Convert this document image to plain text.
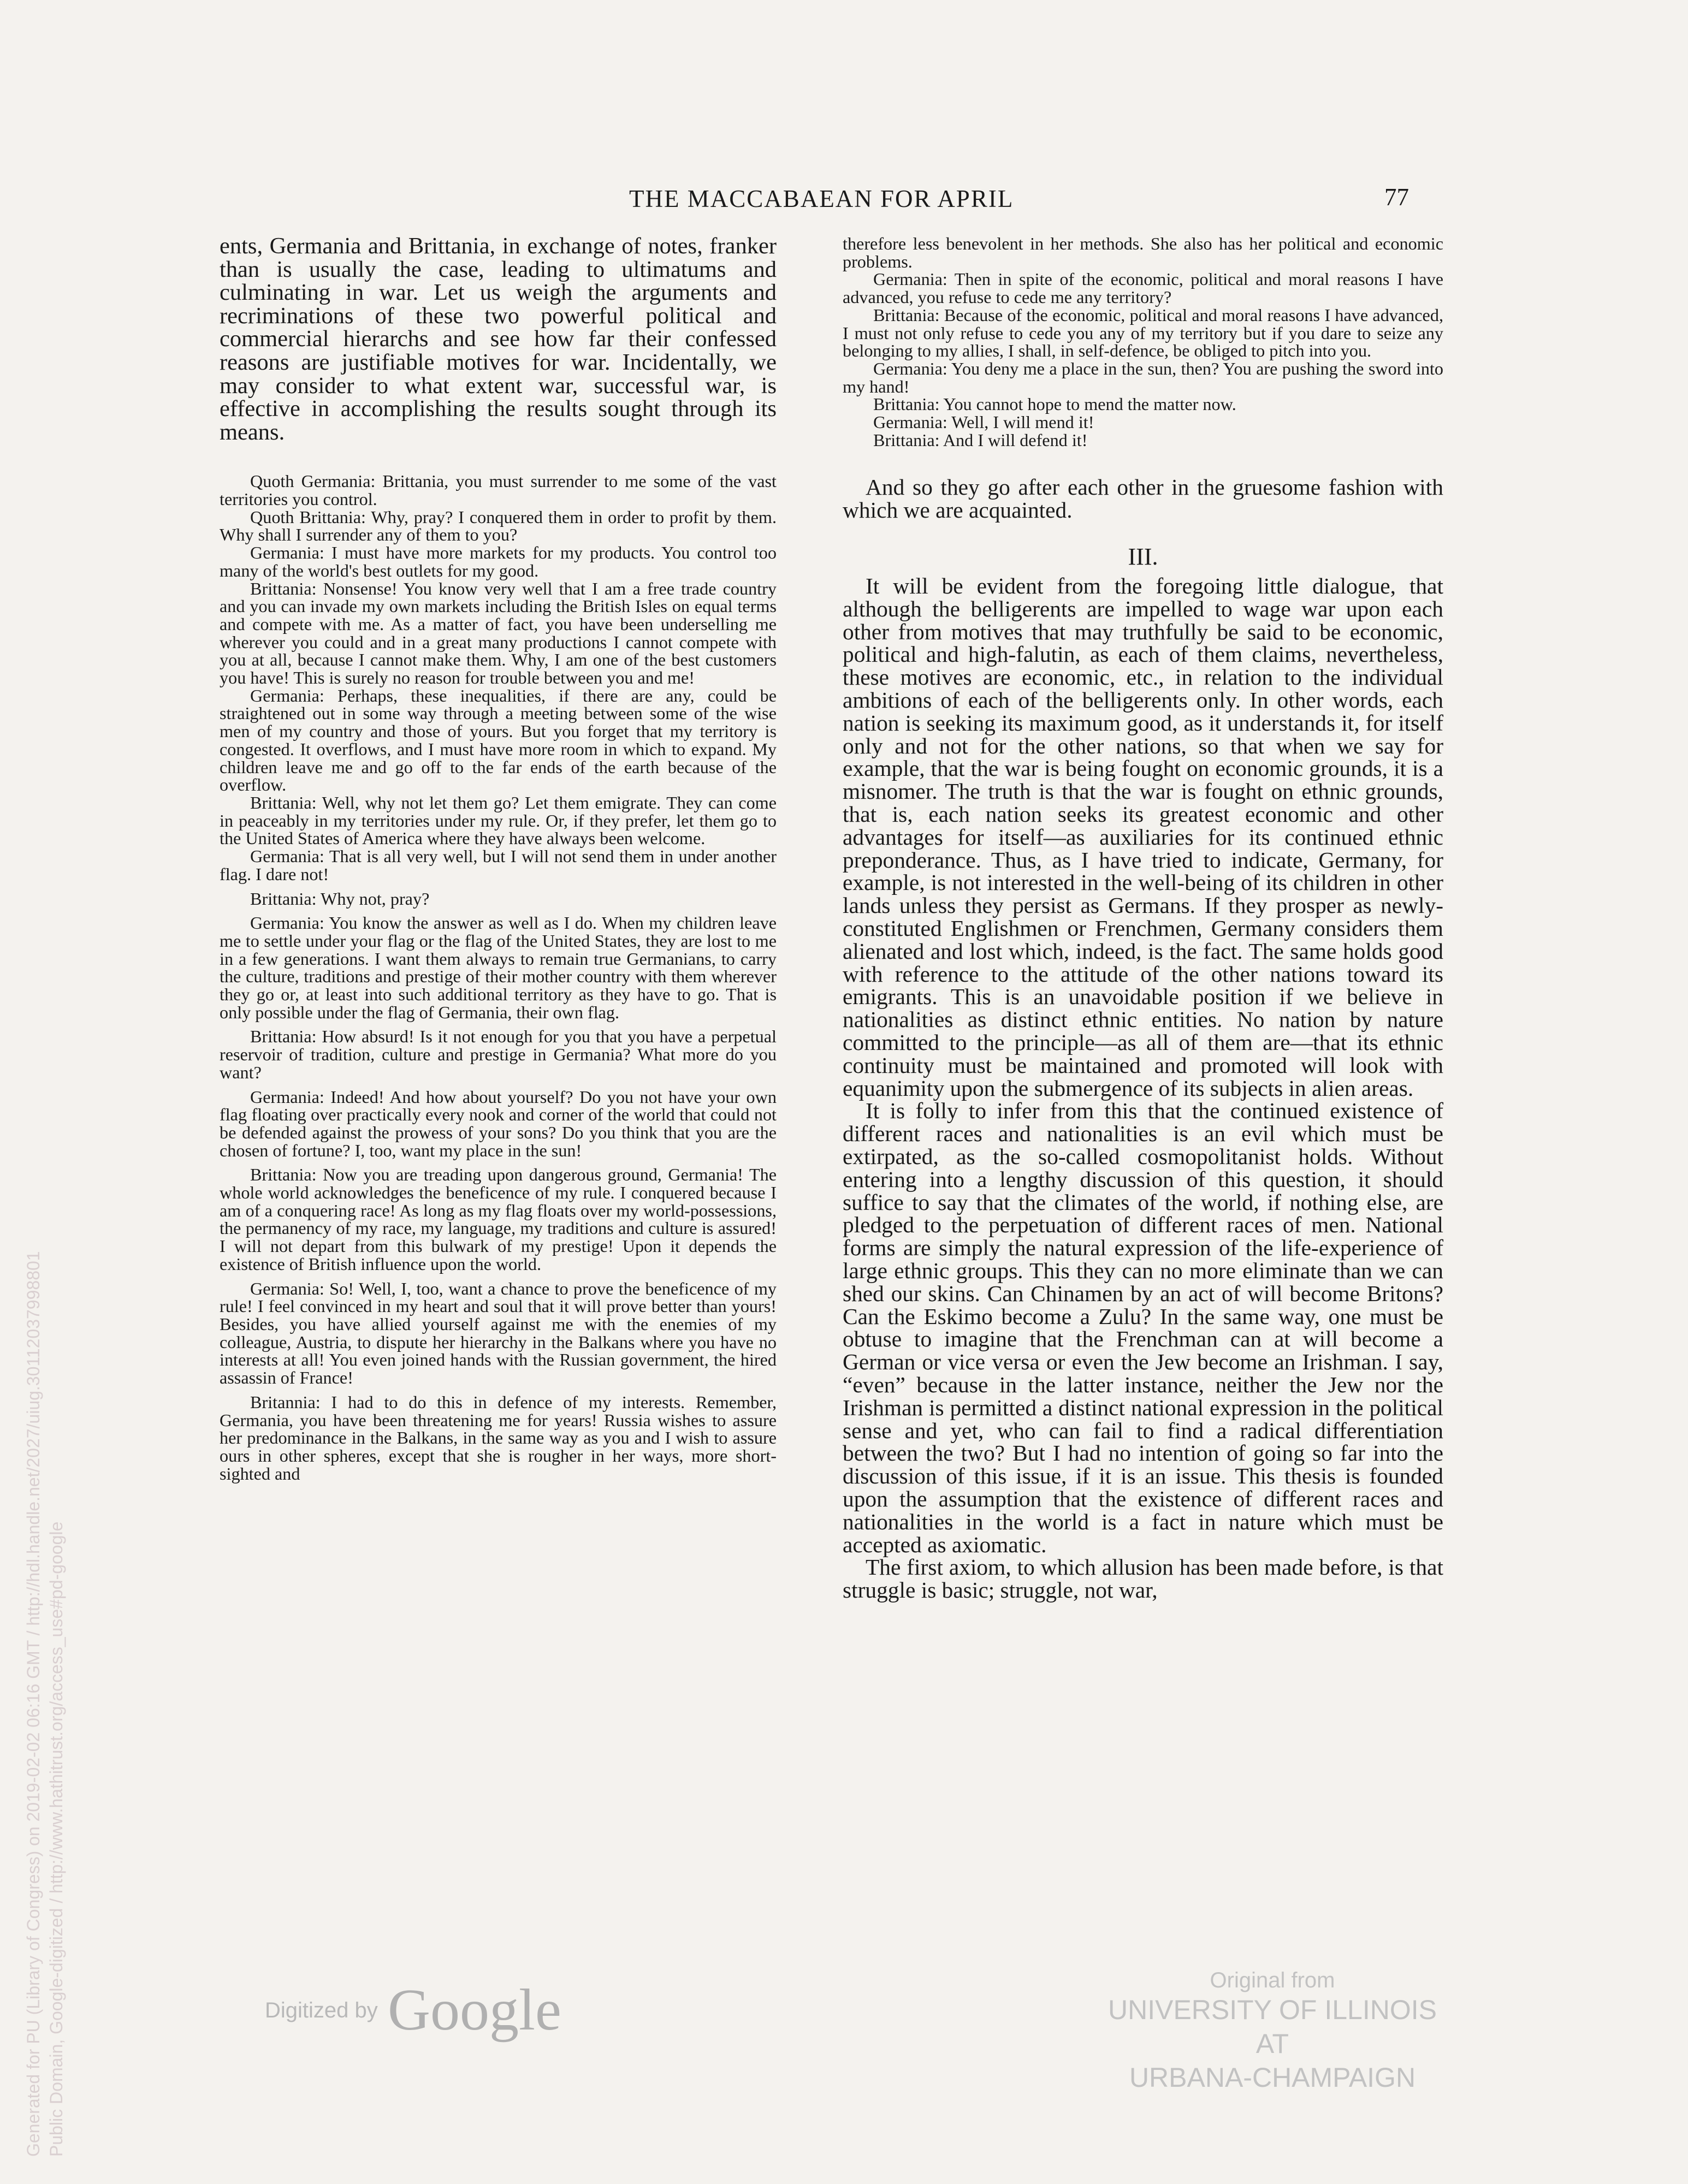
THE MACCABAEAN FOR APRIL	77

ents, Germania and Brittania, in exchange of notes, franker than is usually the case, leading to ultimatums and culminating in war. Let us weigh the arguments and recriminations of these two powerful political and commercial hierarchs and see how far their confessed reasons are justifiable motives for war. Incidentally, we may consider to what extent war, successful war, is effective in accomplishing the results sought through its means.

Quoth Germania: Brittania, you must surrender to me some of the vast territories you control.

Quoth Brittania: Why, pray? I conquered them in order to profit by them. Why shall I surrender any of them to you?

Germania: I must have more markets for my products. You control too many of the world's best outlets for my good.

Brittania: Nonsense! You know very well that I am a free trade country and you can invade my own markets including the British Isles on equal terms and compete with me. As a matter of fact, you have been underselling me wherever you could and in a great many productions I cannot compete with you at all, because I cannot make them. Why, I am one of the best customers you have! This is surely no reason for trouble between you and me!

Germania: Perhaps, these inequalities, if there are any, could be straightened out in some way through a meeting between some of the wise men of my country and those of yours. But you forget that my territory is congested. It overflows, and I must have more room in which to expand. My children leave me and go off to the far ends of the earth because of the overflow.

Brittania: Well, why not let them go? Let them emigrate. They can come in peaceably in my territories under my rule. Or, if they prefer, let them go to the United States of America where they have always been welcome.

Germania: That is all very well, but I will not send them in under another flag. I dare not!

Brittania: Why not, pray?

Germania: You know the answer as well as I do. When my children leave me to settle under your flag or the flag of the United States, they are lost to me in a few generations. I want them always to remain true Germanians, to carry the culture, traditions and prestige of their mother country with them wherever they go or, at least into such additional territory as they have to go. That is only possible under the flag of Germania, their own flag.

Brittania: How absurd! Is it not enough for you that you have a perpetual reservoir of tradition, culture and prestige in Germania? What more do you want?

Germania: Indeed! And how about yourself? Do you not have your own flag floating over practically every nook and corner of the world that could not be defended against the prowess of your sons? Do you think that you are the chosen of fortune? I, too, want my place in the sun!

Brittania: Now you are treading upon dangerous ground, Germania! The whole world acknowledges the beneficence of my rule. I conquered because I am of a conquering race! As long as my flag floats over my world-possessions, the permanency of my race, my language, my traditions and culture is assured! I will not depart from this bulwark of my prestige! Upon it depends the existence of British influence upon the world.

Germania: So! Well, I, too, want a chance to prove the beneficence of my rule! I feel convinced in my heart and soul that it will prove better than yours! Besides, you have allied yourself against me with the enemies of my colleague, Austria, to dispute her hierarchy in the Balkans where you have no interests at all! You even joined hands with the Russian government, the hired assassin of France!

Britannia: I had to do this in defence of my interests. Remember, Germania, you have been threatening me for years! Russia wishes to assure her predominance in the Balkans, in the same way as you and I wish to assure ours in other spheres, except that she is rougher in her ways, more short-sighted and

therefore less benevolent in her methods. She also has her political and economic problems.

Germania: Then in spite of the economic, political and moral reasons I have advanced, you refuse to cede me any territory?

Brittania: Because of the economic, political and moral reasons I have advanced, I must not only refuse to cede you any of my territory but if you dare to seize any belonging to my allies, I shall, in self-defence, be obliged to pitch into you.

Germania: You deny me a place in the sun, then? You are pushing the sword into my hand!

Brittania: You cannot hope to mend the matter now.

Germania: Well, I will mend it!

Brittania: And I will defend it!

And so they go after each other in the gruesome fashion with which we are acquainted.

III.

It will be evident from the foregoing little dialogue, that although the belligerents are impelled to wage war upon each other from motives that may truthfully be said to be economic, political and high-falutin, as each of them claims, nevertheless, these motives are economic, etc., in relation to the individual ambitions of each of the belligerents only. In other words, each nation is seeking its maximum good, as it understands it, for itself only and not for the other nations, so that when we say for example, that the war is being fought on economic grounds, it is a misnomer. The truth is that the war is fought on ethnic grounds, that is, each nation seeks its greatest economic and other advantages for itself—as auxiliaries for its continued ethnic preponderance. Thus, as I have tried to indicate, Germany, for example, is not interested in the well-being of its children in other lands unless they persist as Germans. If they prosper as newly-constituted Englishmen or Frenchmen, Germany considers them alienated and lost which, indeed, is the fact. The same holds good with reference to the attitude of the other nations toward its emigrants. This is an unavoidable position if we believe in nationalities as distinct ethnic entities. No nation by nature committed to the principle—as all of them are—that its ethnic continuity must be maintained and promoted will look with equanimity upon the submergence of its subjects in alien areas.

It is folly to infer from this that the continued existence of different races and nationalities is an evil which must be extirpated, as the so-called cosmopolitanist holds. Without entering into a lengthy discussion of this question, it should suffice to say that the climates of the world, if nothing else, are pledged to the perpetuation of different races of men. National forms are simply the natural expression of the life-experience of large ethnic groups. This they can no more eliminate than we can shed our skins. Can Chinamen by an act of will become Britons? Can the Eskimo become a Zulu? In the same way, one must be obtuse to imagine that the Frenchman can at will become a German or vice versa or even the Jew become an Irishman. I say, “even” because in the latter instance, neither the Jew nor the Irishman is permitted a distinct national expression in the political sense and yet, who can fail to find a radical differentiation between the two? But I had no intention of going so far into the discussion of this issue, if it is an issue. This thesis is founded upon the assumption that the existence of different races and nationalities in the world is a fact in nature which must be accepted as axiomatic.

The first axiom, to which allusion has been made before, is that struggle is basic; struggle, not war,

Generated for PU (Library of Congress) on 2019-02-02 06:16 GMT / http://hdl.handle.net/2027/uiug.30112037998801 Public Domain, Google-digitized / http://www.hathitrust.org/access_use#pd-google	Digitized by Google	Original from
UNIVERSITY OF ILLINOIS AT
URBANA-CHAMPAIGN
